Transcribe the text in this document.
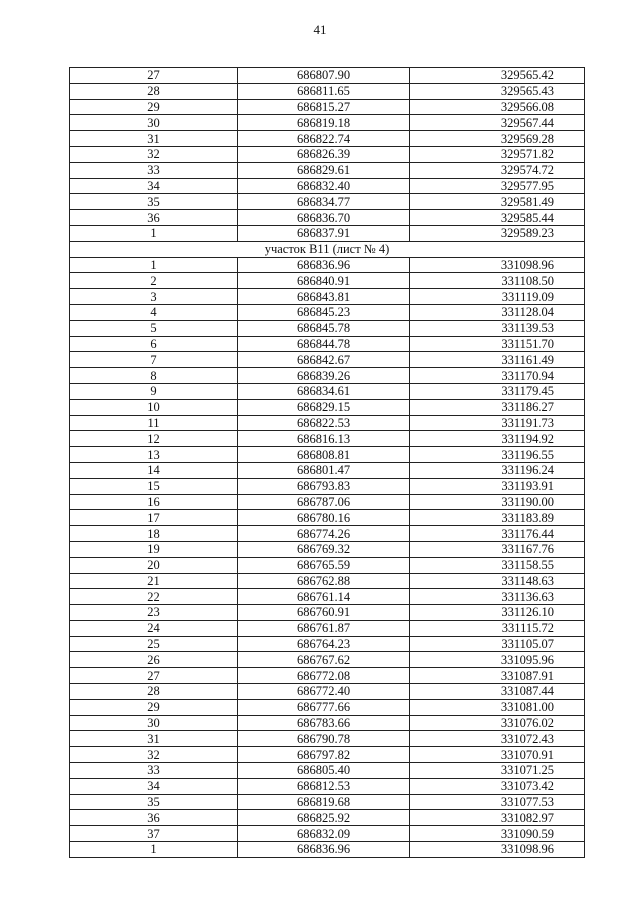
41
27	686807.90	329565.42
28	686811.65	329565.43
29	686815.27	329566.08
30	686819.18	329567.44
31	686822.74	329569.28
32	686826.39	329571.82
33	686829.61	329574.72
34	686832.40	329577.95
35	686834.77	329581.49
36	686836.70	329585.44
1	686837.91	329589.23
участок В11 (лист № 4)		
1	686836.96	331098.96
2	686840.91	331108.50
3	686843.81	331119.09
4	686845.23	331128.04
5	686845.78	331139.53
6	686844.78	331151.70
7	686842.67	331161.49
8	686839.26	331170.94
9	686834.61	331179.45
10	686829.15	331186.27
11	686822.53	331191.73
12	686816.13	331194.92
13	686808.81	331196.55
14	686801.47	331196.24
15	686793.83	331193.91
16	686787.06	331190.00
17	686780.16	331183.89
18	686774.26	331176.44
19	686769.32	331167.76
20	686765.59	331158.55
21	686762.88	331148.63
22	686761.14	331136.63
23	686760.91	331126.10
24	686761.87	331115.72
25	686764.23	331105.07
26	686767.62	331095.96
27	686772.08	331087.91
28	686772.40	331087.44
29	686777.66	331081.00
30	686783.66	331076.02
31	686790.78	331072.43
32	686797.82	331070.91
33	686805.40	331071.25
34	686812.53	331073.42
35	686819.68	331077.53
36	686825.92	331082.97
37	686832.09	331090.59
1	686836.96	331098.96
